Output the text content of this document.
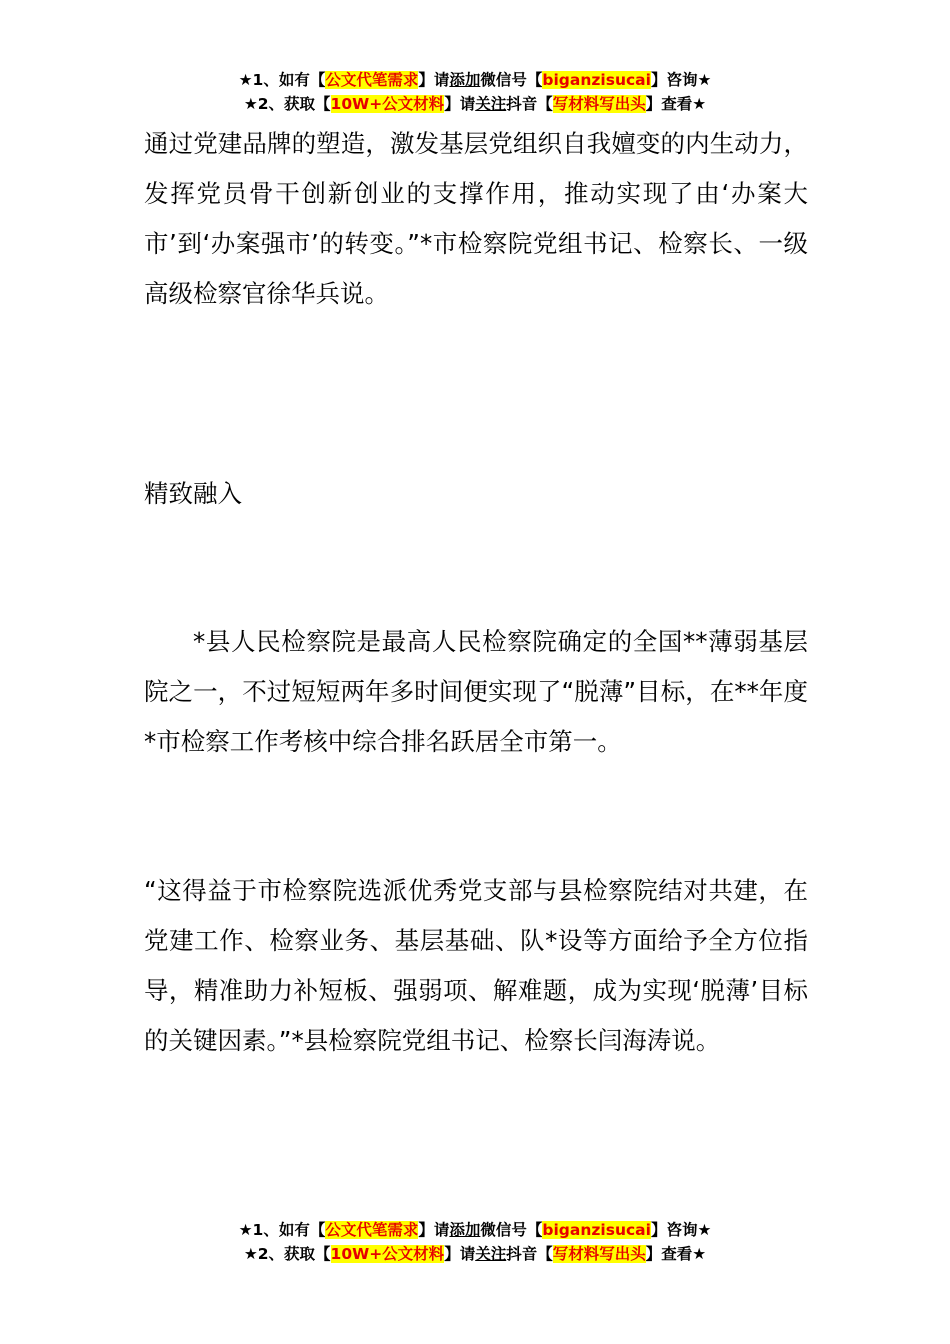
★1、如有【公文代笔需求】请添加微信号【biganzisucai】咨询★
★2、获取【10W+公文材料】请关注抖音【写材料写出头】查看★

通过党建品牌的塑造，激发基层党组织自我嬗变的内生动力，发挥党员骨干创新创业的支撑作用，推动实现了由‘办案大市’到‘办案强市’的转变。”*市检察院党组书记、检察长、一级高级检察官徐华兵说。

精致融入

*县人民检察院是最高人民检察院确定的全国**薄弱基层院之一，不过短短两年多时间便实现了“脱薄”目标，在**年度*市检察工作考核中综合排名跃居全市第一。

“这得益于市检察院选派优秀党支部与县检察院结对共建，在党建工作、检察业务、基层基础、队*设等方面给予全方位指导，精准助力补短板、强弱项、解难题，成为实现‘脱薄’目标的关键因素。”*县检察院党组书记、检察长闫海涛说。

★1、如有【公文代笔需求】请添加微信号【biganzisucai】咨询★
★2、获取【10W+公文材料】请关注抖音【写材料写出头】查看★
